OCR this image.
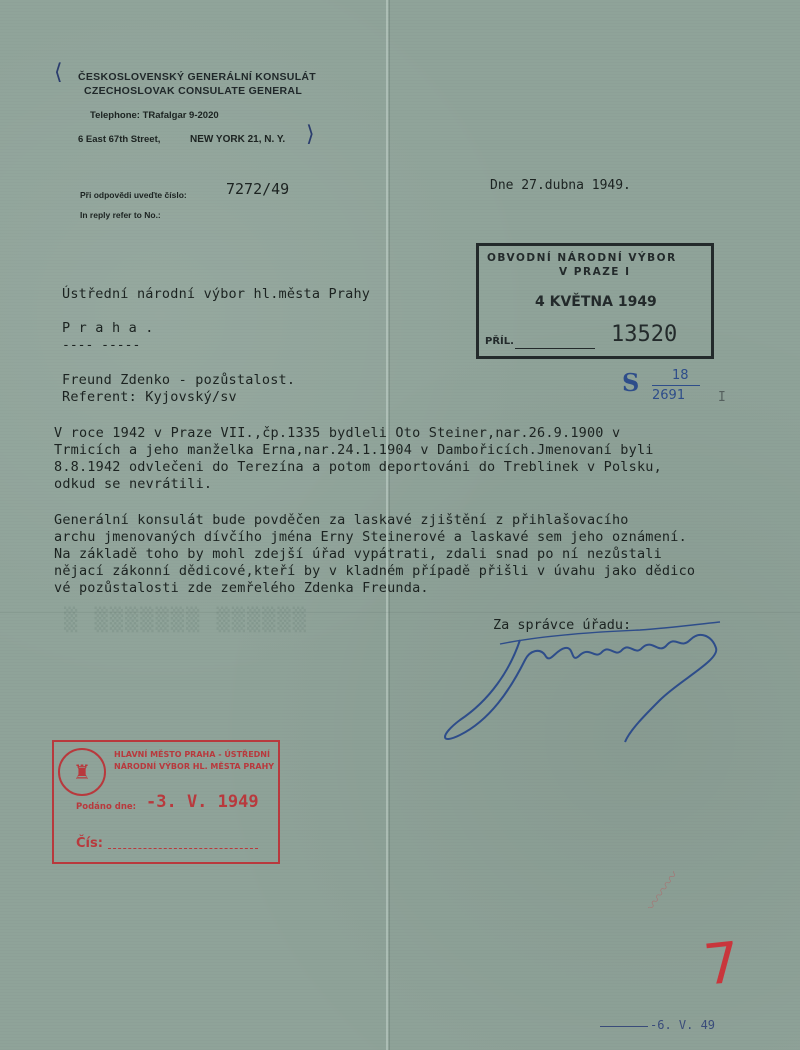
⟨ ČESKOSLOVENSKÝ GENERÁLNÍ KONSULÁT
CZECHOSLOVAK CONSULATE GENERAL
Telephone: TRafalgar 9-2020
6 East 67th Street,	NEW YORK 21, N. Y. ⟩
Při odpovědi uveďte číslo:
In reply refer to No.:
7272/49	Dne 27.dubna 1949.
OBVODNÍ NÁRODNÍ VÝBOR
V PRAZE I
4 KVĚTNA 1949
PŘÍL.	13520
Ústřední národní výbor hl.města Prahy
P r a h a .
---- -----
S	18
2691	I
Freund Zdenko - pozůstalost.
Referent: Kyjovský/sv
V roce 1942 v Praze VII.,čp.1335 bydleli Oto Steiner,nar.26.9.1900 v
Trmicích a jeho manželka Erna,nar.24.1.1904 v Dambořicích.Jmenovaní byli
8.8.1942 odvlečeni do Terezína a potom deportováni do Treblinek v Polsku,
odkud se nevrátili.
Generální konsulát bude povděčen za laskavé zjištění z přihlašovacího
archu jmenovaných dívčího jména Erny Steinerové a laskavé sem jeho oznámení.
Na základě toho by mohl zdejší úřad vypátrati, zdali snad po ní nezůstali
nějací zákonní dědicové,kteří by v kladném případě přišli v úvahu jako dědico
vé pozůstalosti zde zemřelého Zdenka Freunda.
Za správce úřadu:
▒ ▒▒▒▒▒▒▒ ▒▒▒▒▒▒
♜
HLAVNÍ MĚSTO PRAHA - ÚSTŘEDNÍ
NÁRODNÍ VÝBOR HL. MĚSTA PRAHY
Podáno dne: -3. V. 1949
Čís:
〰〰〰
7
-6. V. 49
